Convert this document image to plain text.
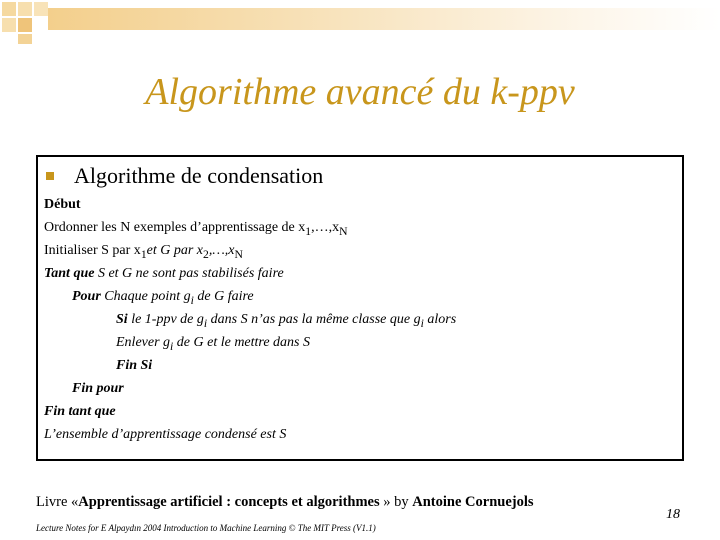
Algorithme avancé du k-ppv
Algorithme de condensation
Début
Ordonner les N exemples d’apprentissage de $x_1,\dots,x_N$
Initialiser S par $x_1et$ G par $x_2,\dots,x_N$
Tant que S et G ne sont pas stabilisés faire
Pour Chaque point $g_i$ de G faire
Si le 1-ppv de $g_i$ dans S n’as pas la même classe que $g_i$ alors
Enlever $g_i$ de G et le mettre dans S
Fin Si
Fin pour
Fin tant que
L’ensemble d’apprentissage condensé est S
Livre «Apprentissage artificiel : concepts et algorithmes » by Antoine Cornuejols
Lecture Notes for E Alpaydın 2004 Introduction to Machine Learning © The MIT Press (V1.1)
18
